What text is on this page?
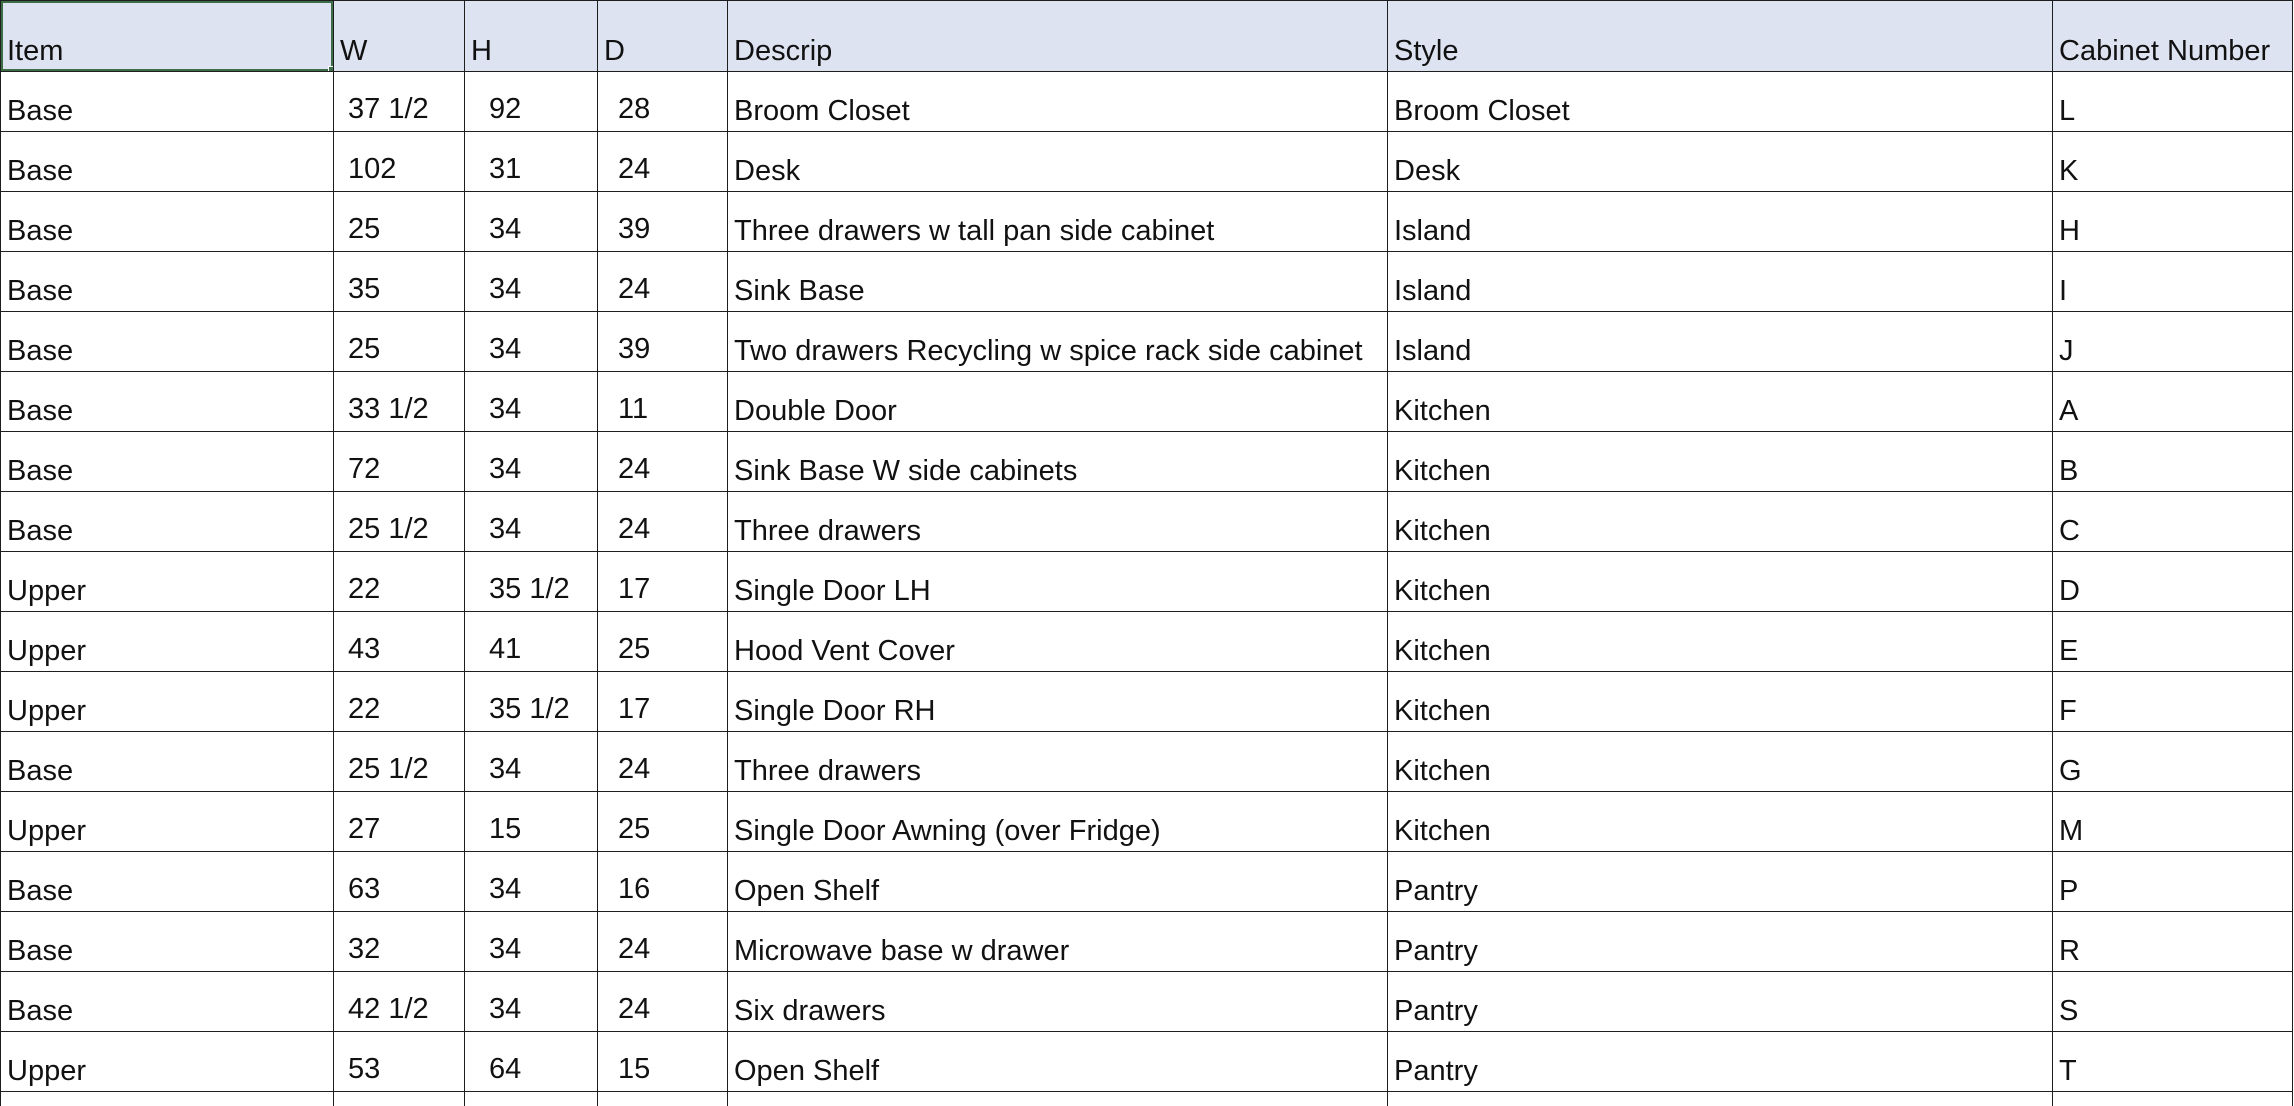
Item	W	H	D	Descrip	Style	Cabinet Number

Base	37 1/2	92	28	Broom Closet	Broom Closet	L

Base	102	31	24	Desk	Desk	K

Base	25	34	39	Three drawers w tall pan side cabinet	Island	H

Base	35	34	24	Sink Base	Island	I

Base	25	34	39	Two drawers Recycling w spice rack side cabinet	Island	J

Base	33 1/2	34	11	Double Door	Kitchen	A

Base	72	34	24	Sink Base W side cabinets	Kitchen	B

Base	25 1/2	34	24	Three drawers	Kitchen	C

Upper	22	35 1/2	17	Single Door LH	Kitchen	D

Upper	43	41	25	Hood Vent Cover	Kitchen	E

Upper	22	35 1/2	17	Single Door RH	Kitchen	F

Base	25 1/2	34	24	Three drawers	Kitchen	G

Upper	27	15	25	Single Door Awning (over Fridge)	Kitchen	M

Base	63	34	16	Open Shelf	Pantry	P

Base	32	34	24	Microwave base w drawer	Pantry	R

Base	42 1/2	34	24	Six drawers	Pantry	S

Upper	53	64	15	Open Shelf	Pantry	T
